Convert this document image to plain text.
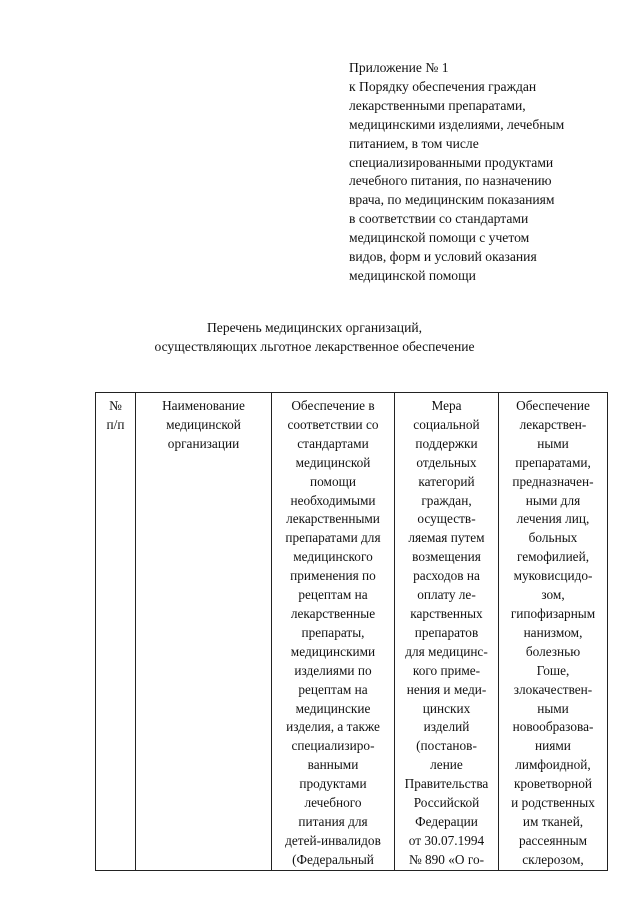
Приложение № 1
к Порядку обеспечения граждан
лекарственными препаратами,
медицинскими изделиями, лечебным
питанием, в том числе
специализированными продуктами
лечебного питания, по назначению
врача, по медицинским показаниям
в соответствии со стандартами
медицинской помощи с учетом
видов, форм и условий оказания
медицинской помощи
Перечень медицинских организаций,
осуществляющих льготное лекарственное обеспечение
№
п/п

Наименование
медицинской
организации

Обеспечение в
соответствии со
стандартами
медицинской
помощи
необходимыми
лекарственными
препаратами для
медицинского
применения по
рецептам на
лекарственные
препараты,
медицинскими
изделиями по
рецептам на
медицинские
изделия, а также
специализиро-
ванными
продуктами
лечебного
питания для
детей-инвалидов
(Федеральный

Мера
социальной
поддержки
отдельных
категорий
граждан,
осуществ-
ляемая путем
возмещения
расходов на
оплату ле-
карственных
препаратов
для медицинс-
кого приме-
нения и меди-
цинских
изделий
(постанов-
ление
Правительства
Российской
Федерации
от 30.07.1994
№ 890 «О го-

Обеспечение
лекарствен-
ными
препаратами,
предназначен-
ными для
лечения лиц,
больных
гемофилией,
муковисцидо-
зом,
гипофизарным
нанизмом,
болезнью
Гоше,
злокачествен-
ными
новообразова-
ниями
лимфоидной,
кроветворной
и родственных
им тканей,
рассеянным
склерозом,
